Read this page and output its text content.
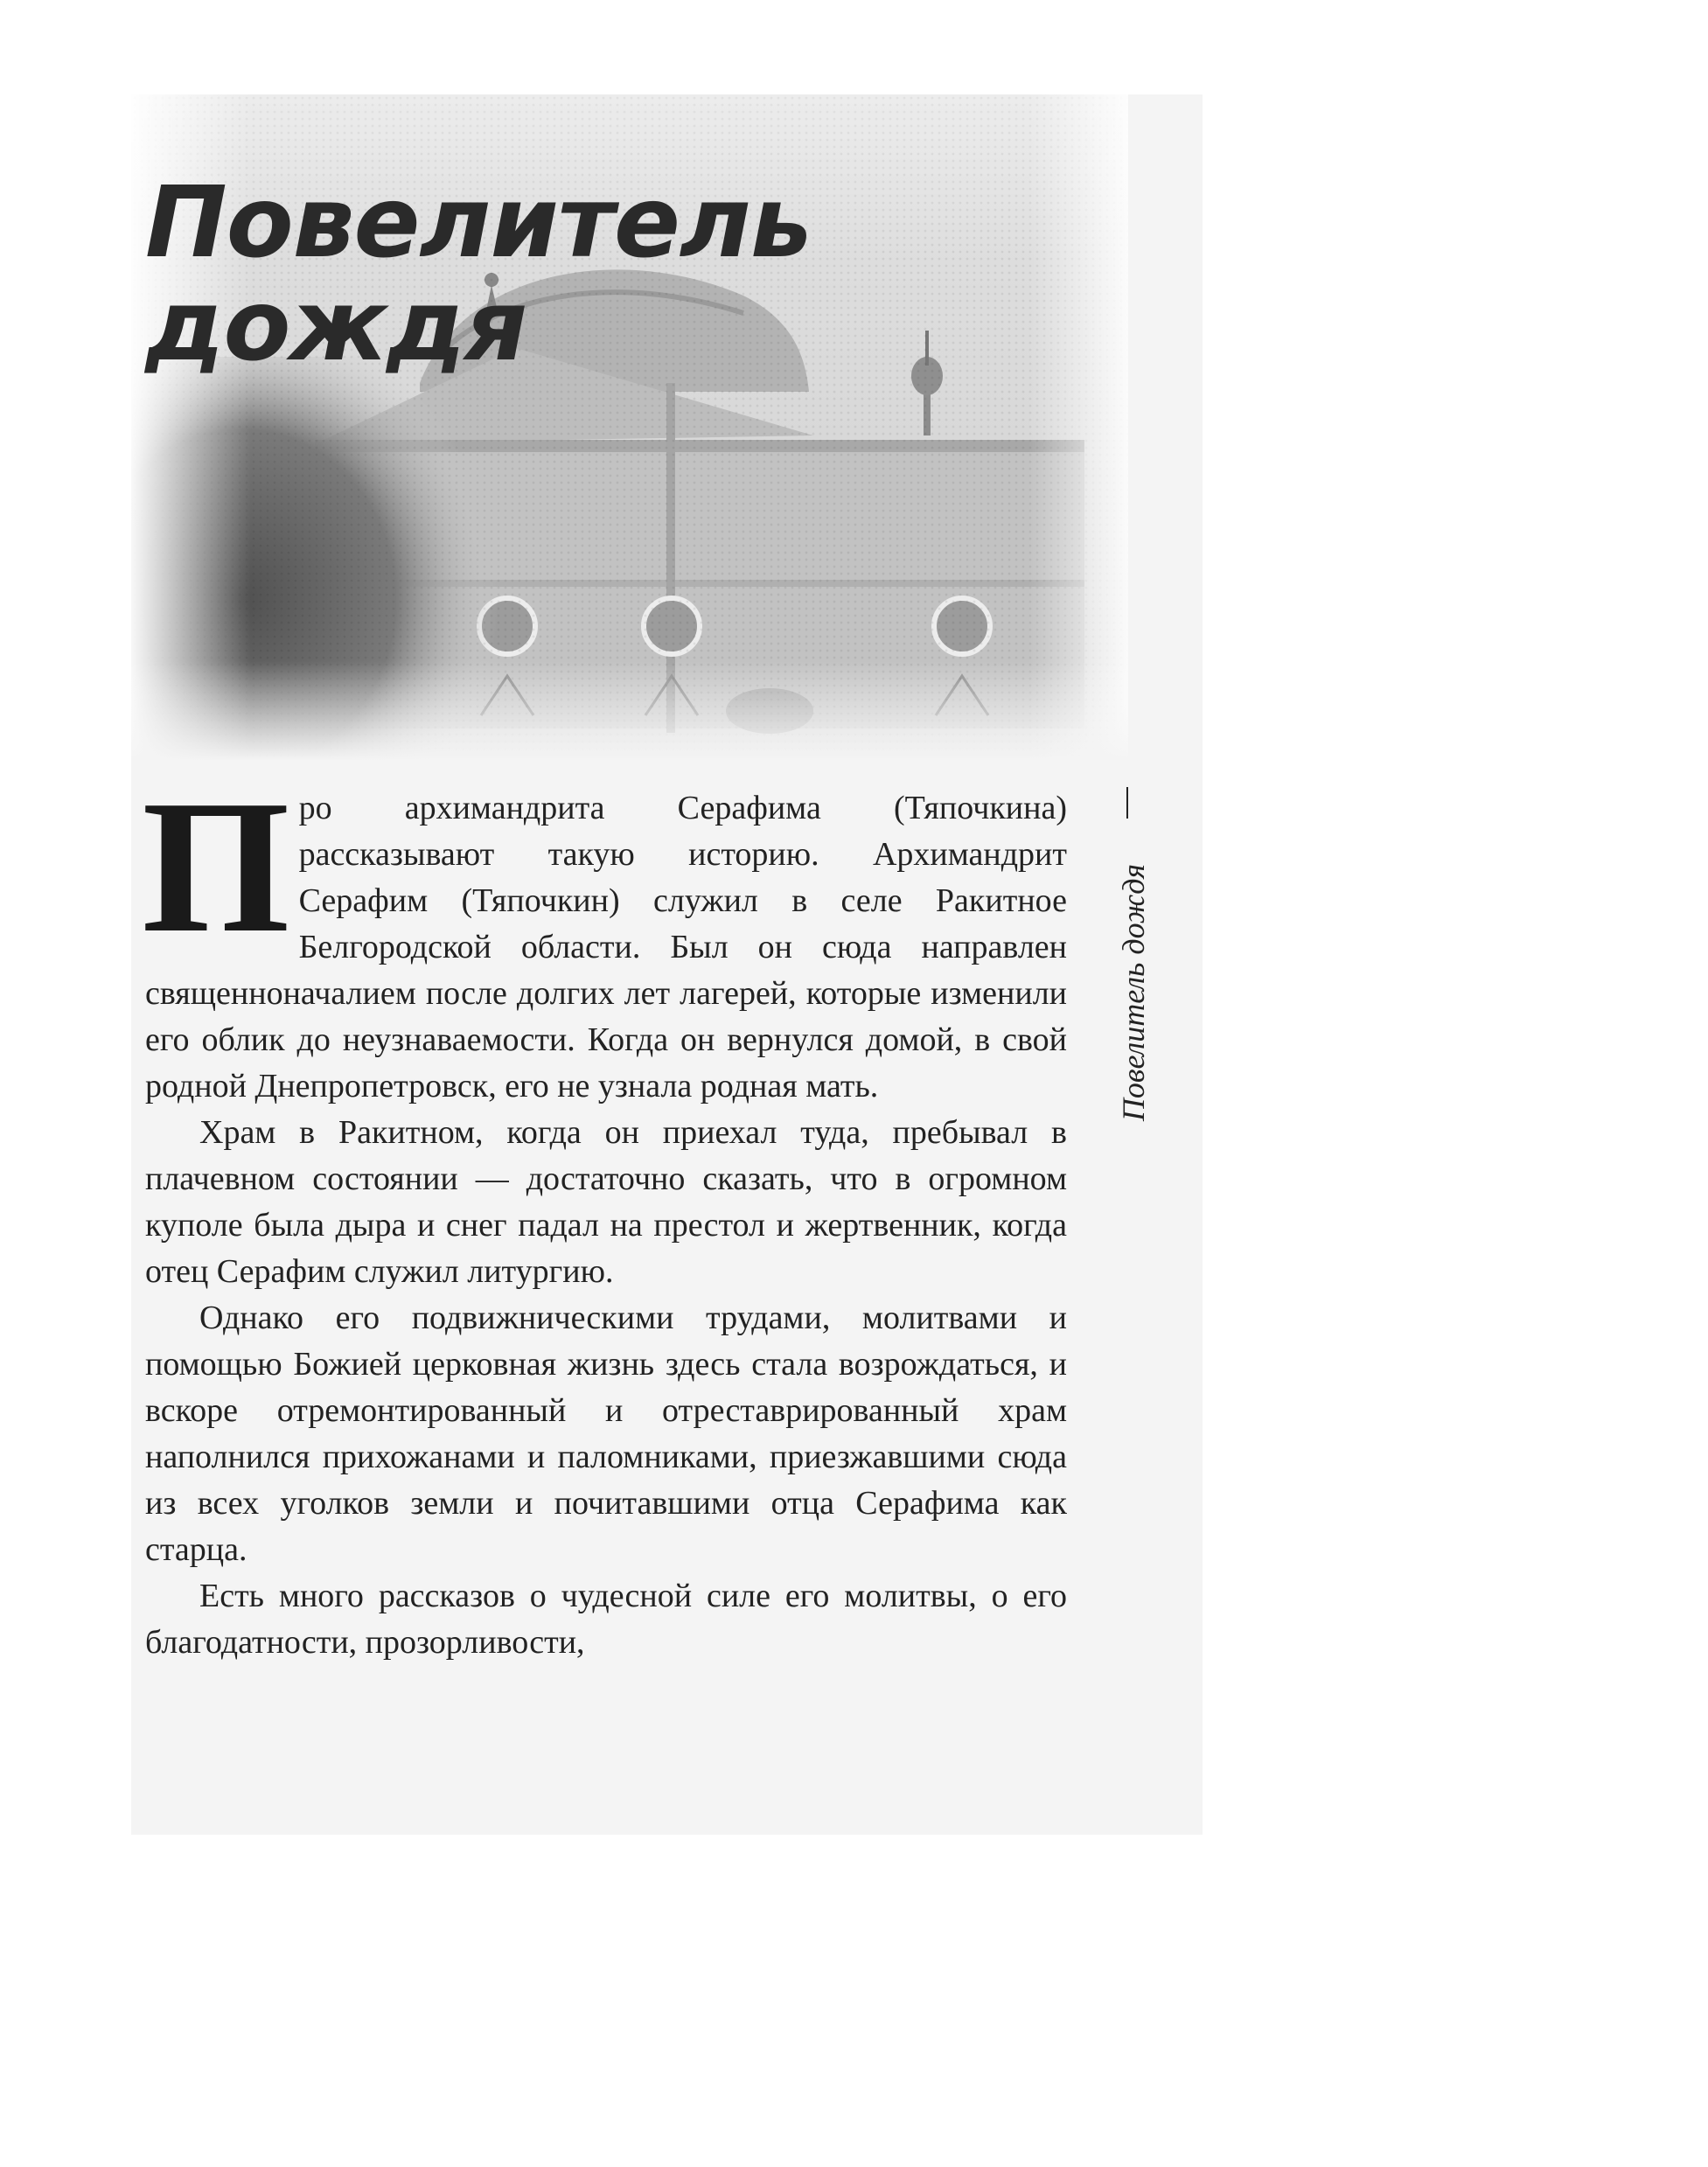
Повелитель
дождя

Про архимандрита Серафима (Тяпочкина) рассказывают такую историю. Архимандрит Серафим (Тяпочкин) служил в селе Ракитное Белгородской области. Был он сюда направлен священноначалием после долгих лет лагерей, которые изменили его облик до неузнаваемости. Когда он вернулся домой, в свой родной Днепропетровск, его не узнала родная мать.

Храм в Ракитном, когда он приехал туда, пребывал в плачевном состоянии — достаточно сказать, что в огромном куполе была дыра и снег падал на престол и жертвенник, когда отец Серафим служил литургию.

Однако его подвижническими трудами, молитвами и помощью Божией церковная жизнь здесь стала возрождаться, и вскоре отремонтированный и отреставрированный храм наполнился прихожанами и паломниками, приезжавшими сюда из всех уголков земли и почитавшими отца Серафима как старца.

Есть много рассказов о чудесной силе его молитвы, о его благодатности, прозорливости,

Повелитель дождя
